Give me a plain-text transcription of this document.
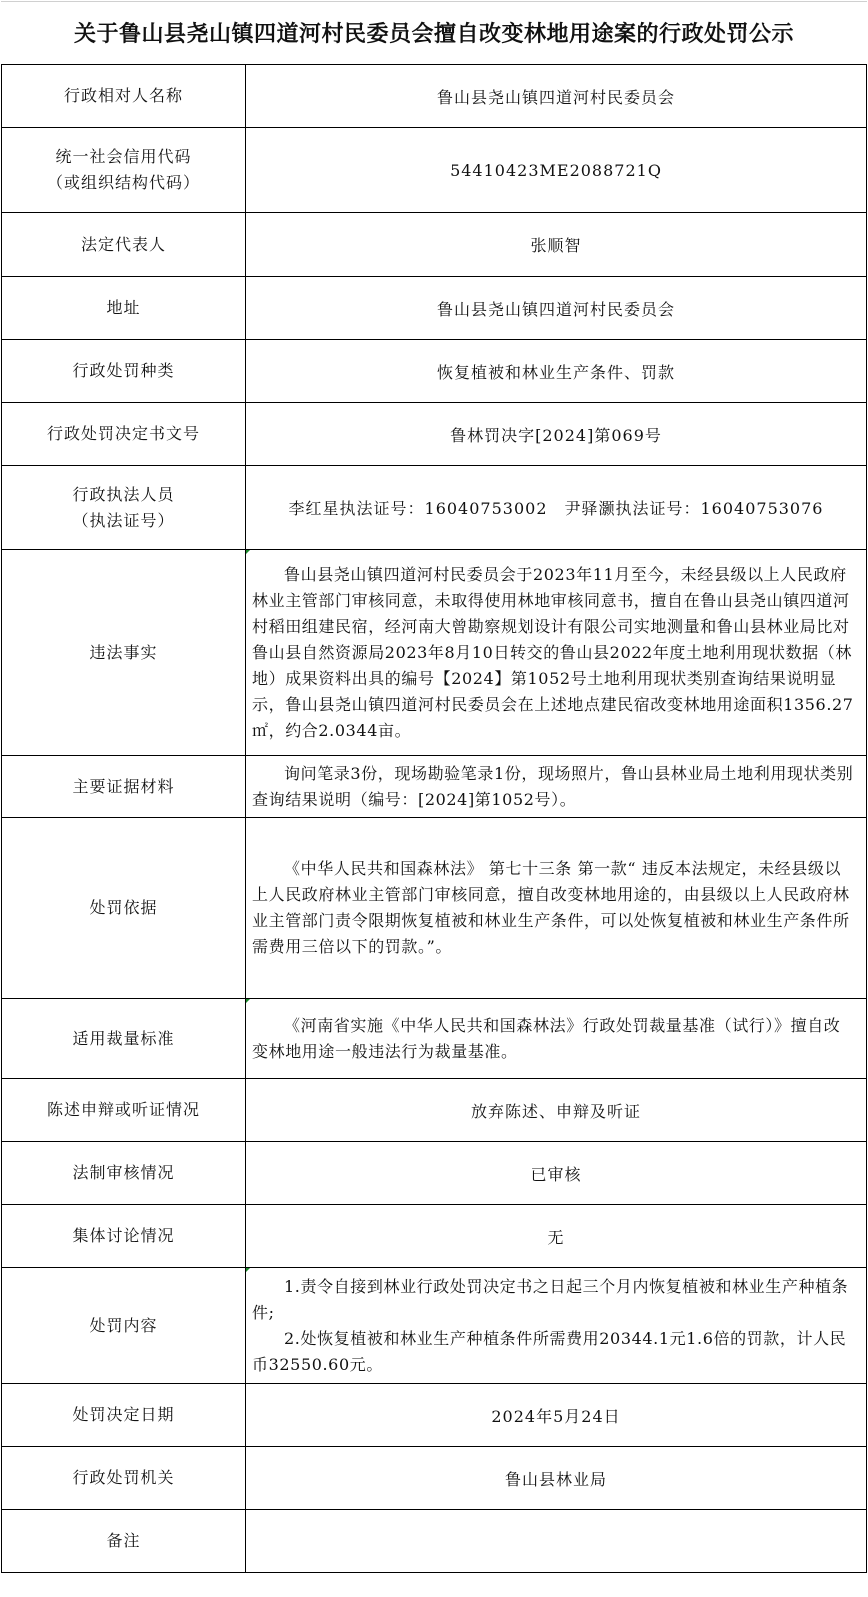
关于鲁山县尧山镇四道河村民委员会擅自改变林地用途案的行政处罚公示
行政相对人名称	鲁山县尧山镇四道河村民委员会

统一社会信用代码
（或组织结构代码）	54410423ME2088721Q
法定代表人	张顺智
地址	鲁山县尧山镇四道河村民委员会
行政处罚种类	恢复植被和林业生产条件、罚款
行政处罚决定书文号	鲁林罚决字[2024]第069号

行政执法人员
（执法证号）	李红星执法证号：16040753002　尹驿灏执法证号：16040753076
违法事实	鲁山县尧山镇四道河村民委员会于2023年11月至今，未经县级以上人民政府林业主管部门审核同意，未取得使用林地审核同意书，擅自在鲁山县尧山镇四道河村稻田组建民宿，经河南大曾勘察规划设计有限公司实地测量和鲁山县林业局比对鲁山县自然资源局2023年8月10日转交的鲁山县2022年度土地利用现状数据（林地）成果资料出具的编号【2024】第1052号土地利用现状类别查询结果说明显示，鲁山县尧山镇四道河村民委员会在上述地点建民宿改变林地用途面积1356.27㎡，约合2.0344亩。

主要证据材料	询问笔录3份，现场勘验笔录1份，现场照片，鲁山县林业局土地利用现状类别查询结果说明（编号：[2024]第1052号）。

处罚依据	《中华人民共和国森林法》 第七十三条 第一款“ 违反本法规定，未经县级以上人民政府林业主管部门审核同意，擅自改变林地用途的，由县级以上人民政府林业主管部门责令限期恢复植被和林业生产条件，可以处恢复植被和林业生产条件所需费用三倍以下的罚款。”。

适用裁量标准	《河南省实施《中华人民共和国森林法》行政处罚裁量基准（试行）》擅自改变林地用途一般违法行为裁量基准。

陈述申辩或听证情况	放弃陈述、申辩及听证
法制审核情况	已审核
集体讨论情况	无
处罚内容	1.责令自接到林业行政处罚决定书之日起三个月内恢复植被和林业生产种植条件;
2.处恢复植被和林业生产种植条件所需费用20344.1元1.6倍的罚款，计人民币32550.60元。

处罚决定日期	2024年5月24日
行政处罚机关	鲁山县林业局
备注	
